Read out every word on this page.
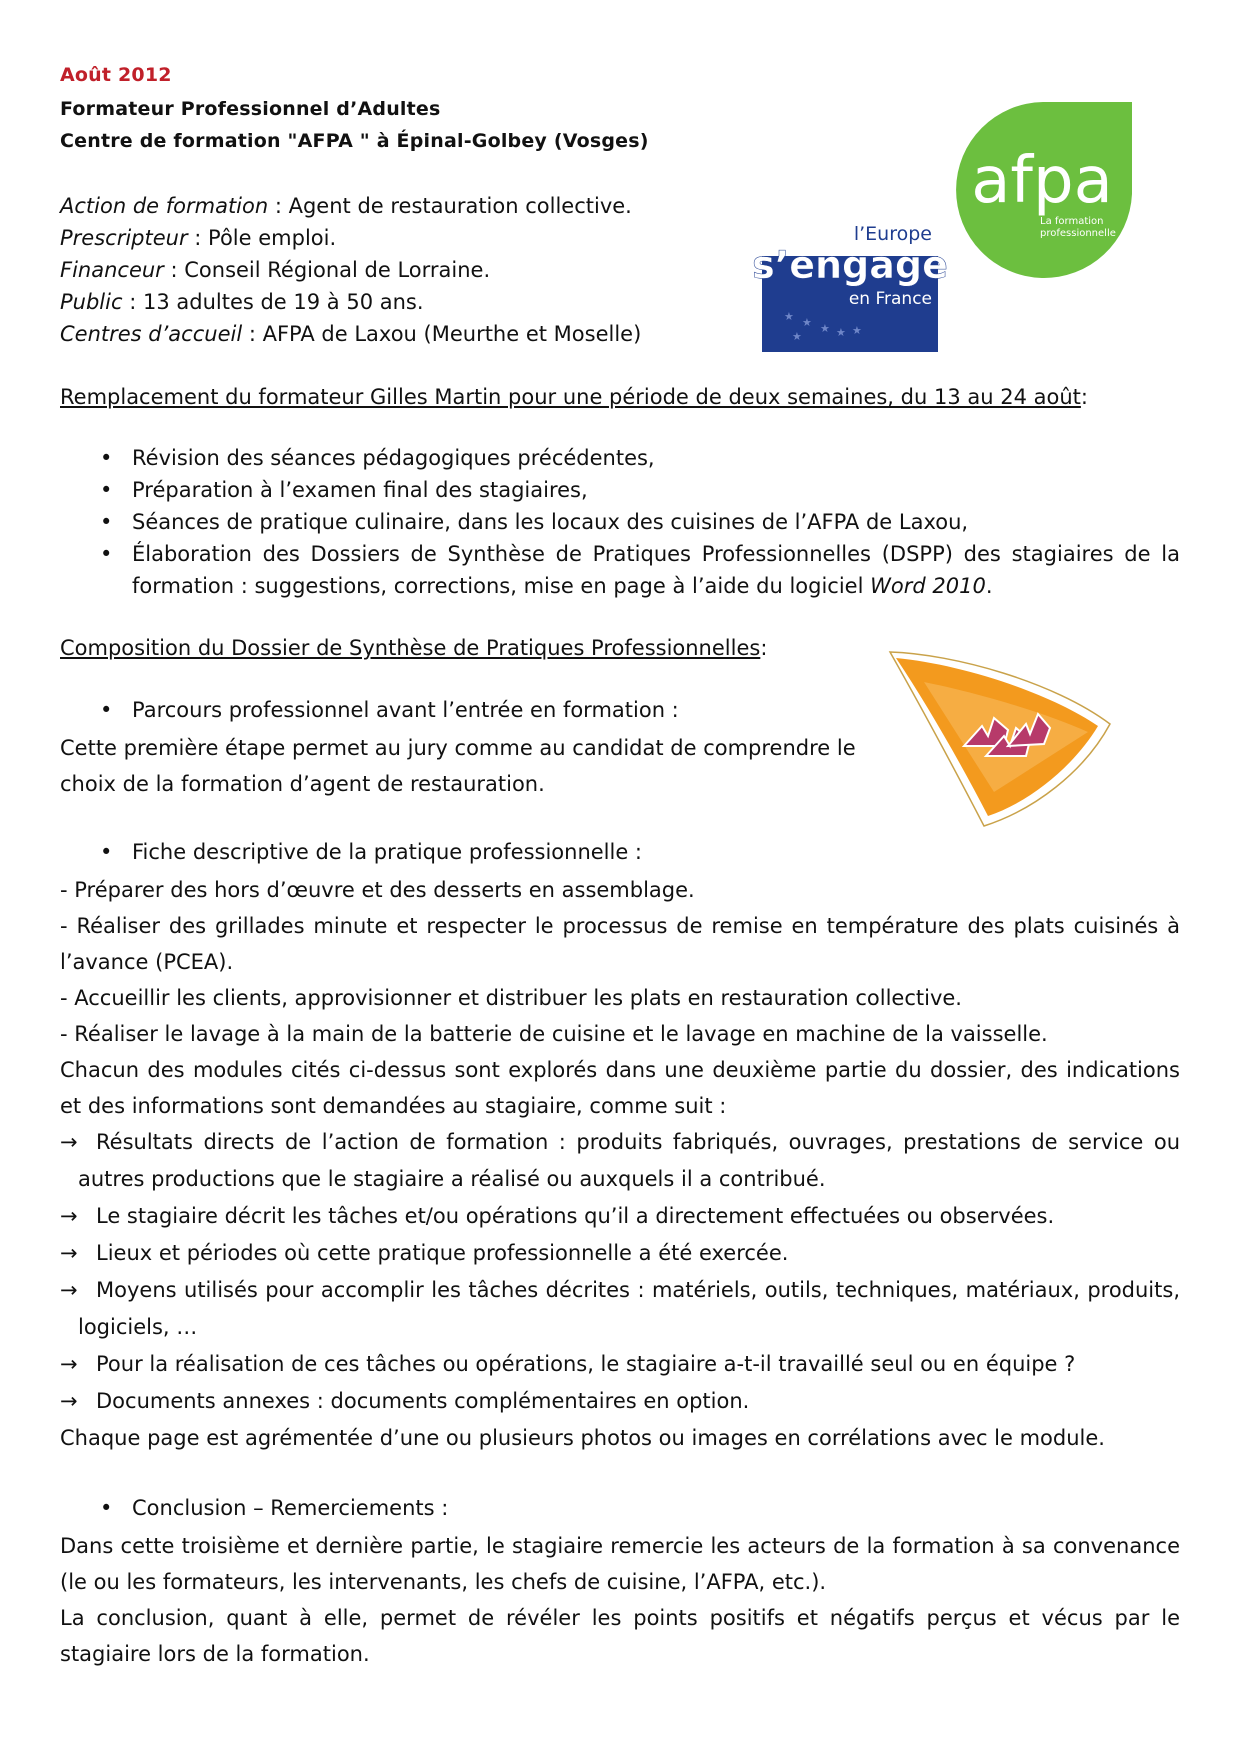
Août 2012
Formateur Professionnel d’Adultes
Centre de formation "AFPA " à Épinal-Golbey (Vosges)
afpa
La formation
professionnelle
l’Europe
s’engage
en France
★ ★ ★ ★ ★
★
Action de formation : Agent de restauration collective.
Prescripteur : Pôle emploi.
Financeur : Conseil Régional de Lorraine.
Public : 13 adultes de 19 à 50 ans.
Centres d’accueil : AFPA de Laxou (Meurthe et Moselle)
Remplacement du formateur Gilles Martin pour une période de deux semaines, du 13 au 24 août:
• Révision des séances pédagogiques précédentes,
• Préparation à l’examen final des stagiaires,
• Séances de pratique culinaire, dans les locaux des cuisines de l’AFPA de Laxou,
• Élaboration des Dossiers de Synthèse de Pratiques Professionnelles (DSPP) des stagiaires de la formation : suggestions, corrections, mise en page à l’aide du logiciel Word 2010.
Composition du Dossier de Synthèse de Pratiques Professionnelles:
• Parcours professionnel avant l’entrée en formation :

Cette première étape permet au jury comme au candidat de comprendre le
choix de la formation d’agent de restauration.

• Fiche descriptive de la pratique professionnelle :
- Préparer des hors d’œuvre et des desserts en assemblage.
- Réaliser des grillades minute et respecter le processus de remise en température des plats cuisinés à l’avance (PCEA).
- Accueillir les clients, approvisionner et distribuer les plats en restauration collective.
- Réaliser le lavage à la main de la batterie de cuisine et le lavage en machine de la vaisselle.
Chacun des modules cités ci-dessus sont explorés dans une deuxième partie du dossier, des indications et des informations sont demandées au stagiaire, comme suit :
→ Résultats directs de l’action de formation : produits fabriqués, ouvrages, prestations de service ou autres productions que le stagiaire a réalisé ou auxquels il a contribué.
→ Le stagiaire décrit les tâches et/ou opérations qu’il a directement effectuées ou observées.
→ Lieux et périodes où cette pratique professionnelle a été exercée.
→ Moyens utilisés pour accomplir les tâches décrites : matériels, outils, techniques, matériaux, produits, logiciels, …
→ Pour la réalisation de ces tâches ou opérations, le stagiaire a-t-il travaillé seul ou en équipe ?
→ Documents annexes : documents complémentaires en option.
Chaque page est agrémentée d’une ou plusieurs photos ou images en corrélations avec le module.
• Conclusion – Remerciements :
Dans cette troisième et dernière partie, le stagiaire remercie les acteurs de la formation à sa convenance (le ou les formateurs, les intervenants, les chefs de cuisine, l’AFPA, etc.).
La conclusion, quant à elle, permet de révéler les points positifs et négatifs perçus et vécus par le stagiaire lors de la formation.
